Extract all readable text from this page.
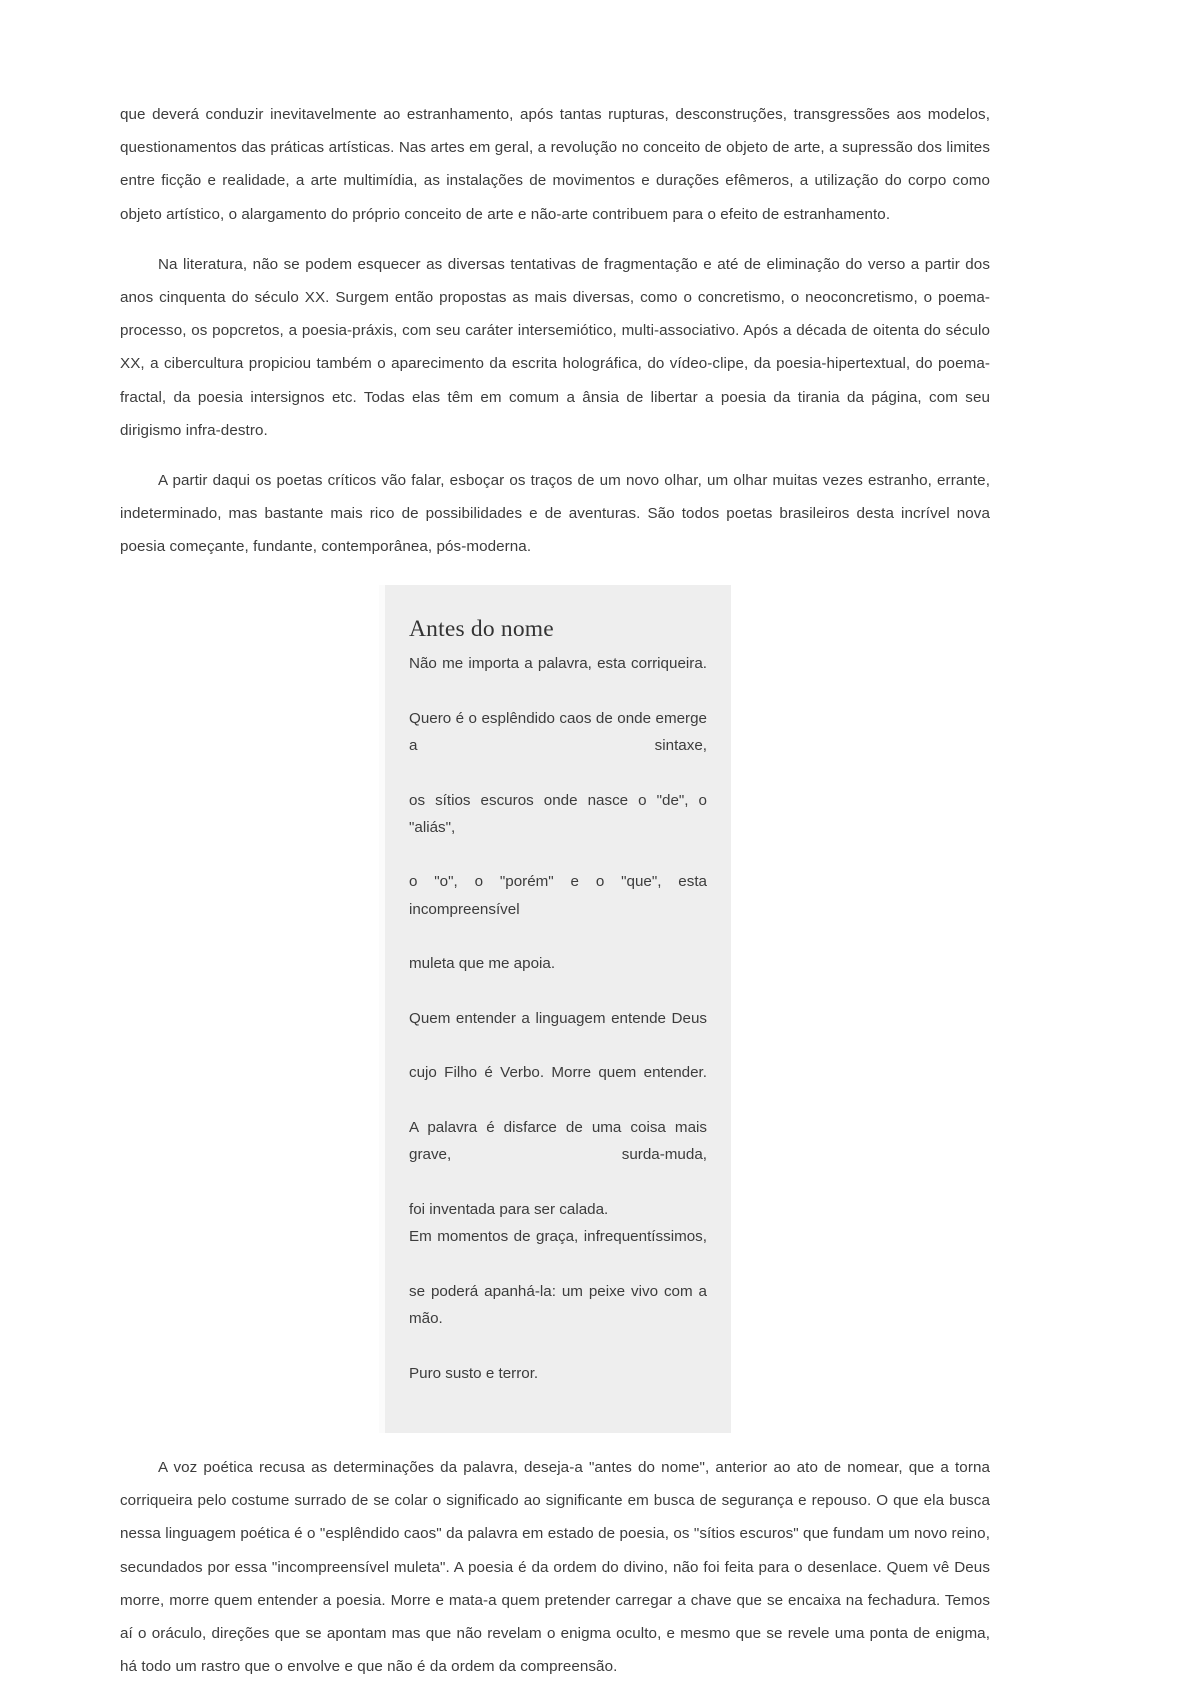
que deverá conduzir inevitavelmente ao estranhamento, após tantas rupturas, desconstruções, transgressões aos modelos, questionamentos das práticas artísticas. Nas artes em geral, a revolução no conceito de objeto de arte, a supressão dos limites entre ficção e realidade, a arte multimídia, as instalações de movimentos e durações efêmeros, a utilização do corpo como objeto artístico, o alargamento do próprio conceito de arte e não-arte contribuem para o efeito de estranhamento.

Na literatura, não se podem esquecer as diversas tentativas de fragmentação e até de eliminação do verso a partir dos anos cinquenta do século XX. Surgem então propostas as mais diversas, como o concretismo, o neoconcretismo, o poema-processo, os popcretos, a poesia-práxis, com seu caráter intersemiótico, multi-associativo. Após a década de oitenta do século XX, a cibercultura propiciou também o aparecimento da escrita holográfica, do vídeo-clipe, da poesia-hipertextual, do poema-fractal, da poesia intersignos etc. Todas elas têm em comum a ânsia de libertar a poesia da tirania da página, com seu dirigismo infra-destro.

A partir daqui os poetas críticos vão falar, esboçar os traços de um novo olhar, um olhar muitas vezes estranho, errante, indeterminado, mas bastante mais rico de possibilidades e de aventuras. São todos poetas brasileiros desta incrível nova poesia começante, fundante, contemporânea, pós-moderna.

Antes do nome
Não me importa a palavra, esta corriqueira.
Quero é o esplêndido caos de onde emerge a sintaxe,
os sítios escuros onde nasce o "de", o "aliás",
o "o", o "porém" e o "que", esta incompreensível
muleta que me apoia.
Quem entender a linguagem entende Deus
cujo Filho é Verbo. Morre quem entender.
A palavra é disfarce de uma coisa mais grave, surda-muda,
foi inventada para ser calada.
Em momentos de graça, infrequentíssimos,
se poderá apanhá-la: um peixe vivo com a mão.
Puro susto e terror.

A voz poética recusa as determinações da palavra, deseja-a "antes do nome", anterior ao ato de nomear, que a torna corriqueira pelo costume surrado de se colar o significado ao significante em busca de segurança e repouso. O que ela busca nessa linguagem poética é o "esplêndido caos" da palavra em estado de poesia, os "sítios escuros" que fundam um novo reino, secundados por essa "incompreensível muleta". A poesia é da ordem do divino, não foi feita para o desenlace. Quem vê Deus morre, morre quem entender a poesia. Morre e mata-a quem pretender carregar a chave que se encaixa na fechadura. Temos aí o oráculo, direções que se apontam mas que não revelam o enigma oculto, e mesmo que se revele uma ponta de enigma, há todo um rastro que o envolve e que não é da ordem da compreensão.
